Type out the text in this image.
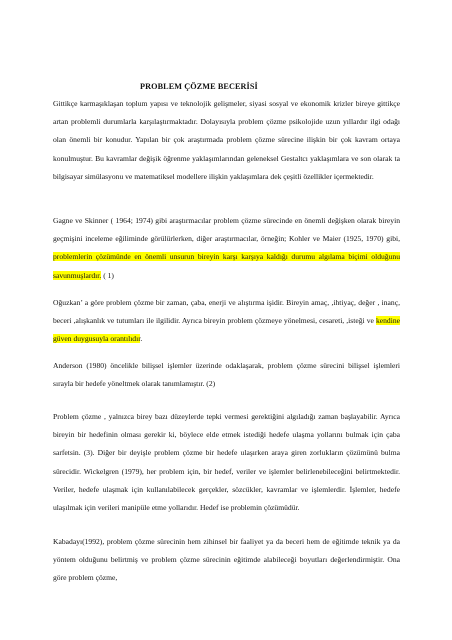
PROBLEM ÇÖZME BECERİSİ

Gittikçe karmaşıklaşan toplum yapısı ve teknolojik gelişmeler, siyasi sosyal ve ekonomik krizler bireye gittikçe artan problemli durumlarla karşılaştırmaktadır. Dolayısıyla problem çözme psikolojide uzun yıllardır ilgi odağı olan önemli bir konudur. Yapılan bir çok araştırmada problem çözme sürecine ilişkin bir çok kavram ortaya konulmuştur. Bu kavramlar değişik öğrenme yaklaşımlarından geleneksel Gestaltcı yaklaşımlara ve son olarak ta bilgisayar simülasyonu ve matematiksel modellere ilişkin yaklaşımlara dek çeşitli özellikler içermektedir.

Gagne ve Skinner ( 1964; 1974) gibi araştırmacılar problem çözme sürecinde en önemli değişken olarak bireyin geçmişini inceleme eğiliminde görülürlerken, diğer araştırmacılar, örneğin; Kohler ve Maier (1925, 1970) gibi, problemlerin çözümünde en önemli unsurun bireyin karşı karşıya kaldığı durumu algılama biçimi olduğunu savunmuşlardır. ( 1)

Oğuzkan’ a göre problem çözme bir zaman, çaba, enerji ve alıştırma işidir. Bireyin amaç, ,ihtiyaç, değer , inanç, beceri ,alışkanlık ve tutumları ile ilgilidir. Ayrıca bireyin problem çözmeye yönelmesi, cesareti, ,isteği ve kendine güven duygusuyla orantılıdır.

Anderson (1980) öncelikle bilişsel işlemler üzerinde odaklaşarak, problem çözme sürecini bilişsel işlemleri sırayla bir hedefe yöneltmek olarak tanımlamıştır. (2)

Problem çözme , yalnızca birey bazı düzeylerde tepki vermesi gerektiğini algıladığı zaman başlayabilir. Ayrıca bireyin bir hedefinin olması gerekir ki, böylece elde etmek istediği hedefe ulaşma yollarını bulmak için çaba sarfetsin. (3). Diğer bir deyişle problem çözme bir hedefe ulaşırken araya giren zorlukların çözümünü bulma sürecidir. Wickelgren (1979), her problem için, bir hedef, veriler ve işlemler belirlenebileceğini belirtmektedir. Veriler, hedefe ulaşmak için kullanılabilecek gerçekler, sözcükler, kavramlar ve işlemlerdir. İşlemler, hedefe ulaşılmak için verileri manipüle etme yollarıdır. Hedef ise problemin çözümüdür.

Kabadayı(1992), problem çözme sürecinin hem zihinsel bir faaliyet ya da beceri hem de eğitimde teknik ya da yöntem olduğunu belirtmiş ve problem çözme sürecinin eğitimde alabileceği boyutları değerlendirmiştir. Ona göre problem çözme,
